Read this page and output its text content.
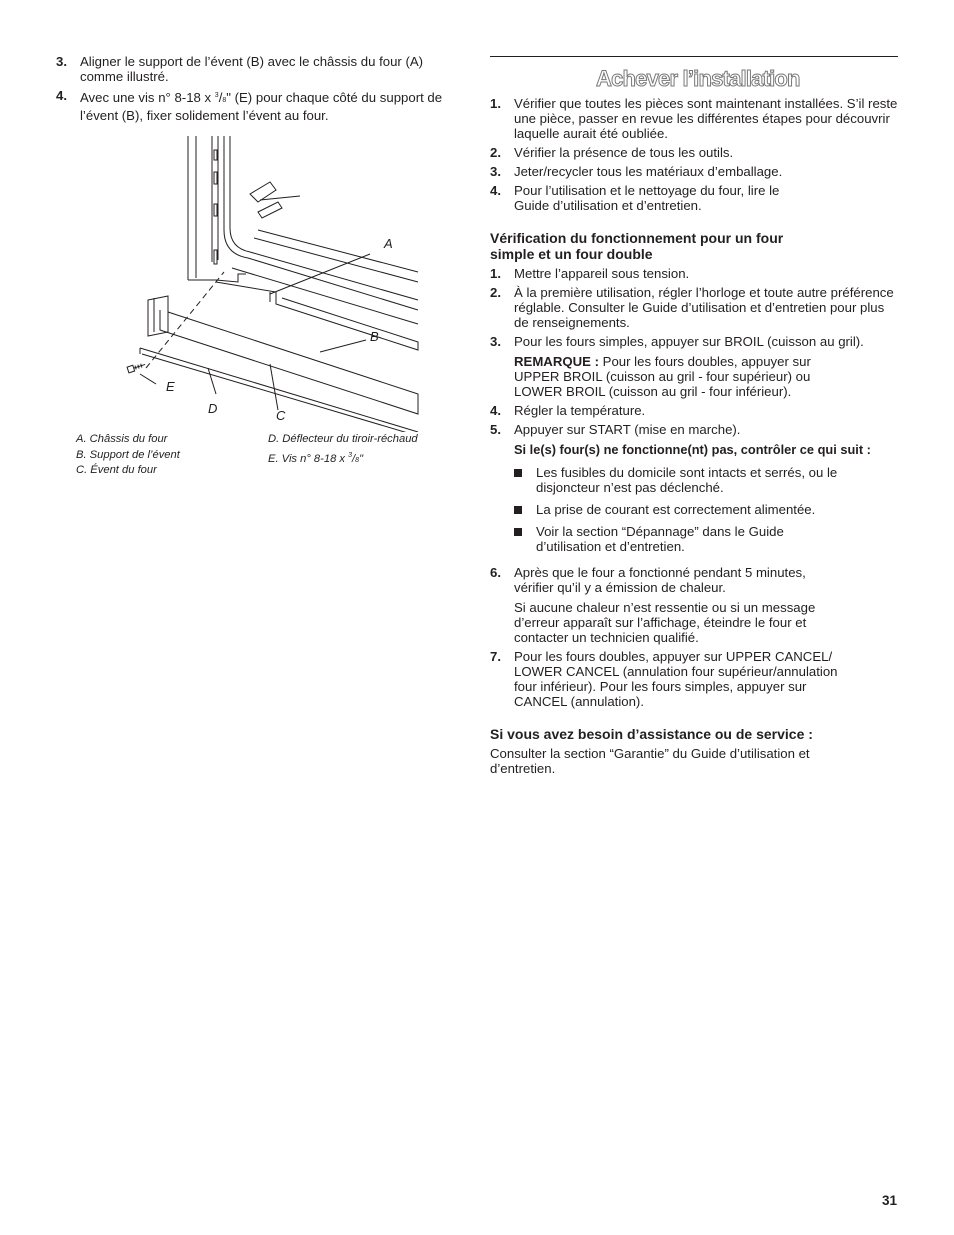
3. Aligner le support de l’évent (B) avec le châssis du four (A) comme illustré.
4. Avec une vis n° 8-18 x $^3$/8" (E) pour chaque côté du support de l’évent (B), fixer solidement l’évent au four.
A
B
C
D
E
A. Châssis du four
B. Support de l’évent
C. Évent du four
D. Déflecteur du tiroir-réchaud
E. Vis n° 8-18 x $^3$/8"
Achever l’installation
1. Vérifier que toutes les pièces sont maintenant installées. S’il reste une pièce, passer en revue les différentes étapes pour découvrir laquelle aurait été oubliée.
2. Vérifier la présence de tous les outils.
3. Jeter/recycler tous les matériaux d’emballage.
4. Pour l’utilisation et le nettoyage du four, lire le Guide d’utilisation et d’entretien.
Vérification du fonctionnement pour un four simple et un four double
1. Mettre l’appareil sous tension.
2. À la première utilisation, régler l’horloge et toute autre préférence réglable. Consulter le Guide d’utilisation et d’entretien pour plus de renseignements.
3. Pour les fours simples, appuyer sur BROIL (cuisson au gril).
REMARQUE : Pour les fours doubles, appuyer sur UPPER BROIL (cuisson au gril - four supérieur) ou LOWER BROIL (cuisson au gril - four inférieur).
4. Régler la température.
5. Appuyer sur START (mise en marche).
Si le(s) four(s) ne fonctionne(nt) pas, contrôler ce qui suit :
Les fusibles du domicile sont intacts et serrés, ou le disjoncteur n’est pas déclenché.
La prise de courant est correctement alimentée.
Voir la section “Dépannage” dans le Guide d’utilisation et d’entretien.
6. Après que le four a fonctionné pendant 5 minutes, vérifier qu’il y a émission de chaleur.
Si aucune chaleur n’est ressentie ou si un message d’erreur apparaît sur l’affichage, éteindre le four et contacter un technicien qualifié.
7. Pour les fours doubles, appuyer sur UPPER CANCEL/ LOWER CANCEL (annulation four supérieur/annulation four inférieur). Pour les fours simples, appuyer sur CANCEL (annulation).
Si vous avez besoin d’assistance ou de service :
Consulter la section “Garantie” du Guide d’utilisation et d’entretien.
31
